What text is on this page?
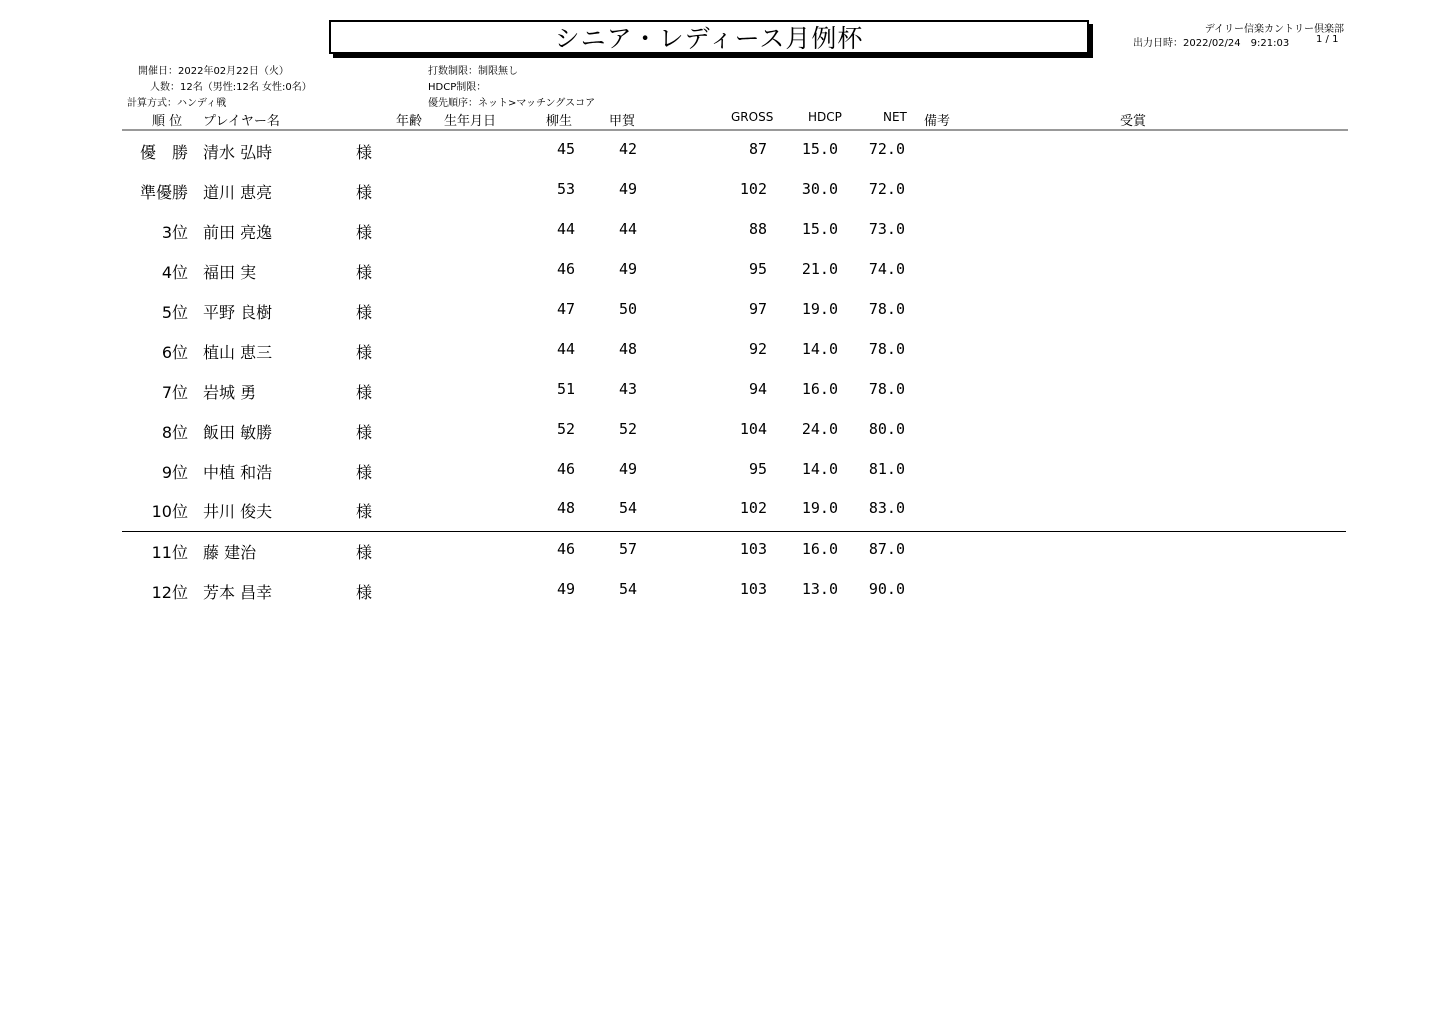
シニア・レディース月例杯	デイリー信楽カントリー倶楽部
出力日時：2022/02/24　9:21:03	1 / 1
開催日：2022年02月22日（火）
人数：12名（男性:12名 女性:0名）
計算方式：ハンディ戦
打数制限：制限無し
HDCP制限：
優先順序：ネット>マッチングスコア
順 位 プレイヤー名	年齢 生年月日	柳生	甲賀	GROSS	HDCP	NET 備考	受賞
優　勝 清水 弘時	様	45	42	87 15.0 72.0
準優勝 道川 恵亮	様	53	49	102 30.0 72.0
3位 前田 亮逸	様	44	44	88 15.0 73.0
4位 福田 実	様	46	49	95 21.0 74.0
5位 平野 良樹	様	47	50	97 19.0 78.0
6位 植山 恵三	様	44	48	92 14.0 78.0
7位 岩城 勇	様	51	43	94 16.0 78.0
8位 飯田 敏勝	様	52	52	104 24.0 80.0
9位 中植 和浩	様	46	49	95 14.0 81.0
10位 井川 俊夫	様	48	54	102 19.0 83.0
11位 藤 建治	様	46	57	103 16.0 87.0
12位 芳本 昌幸	様	49	54	103 13.0 90.0
